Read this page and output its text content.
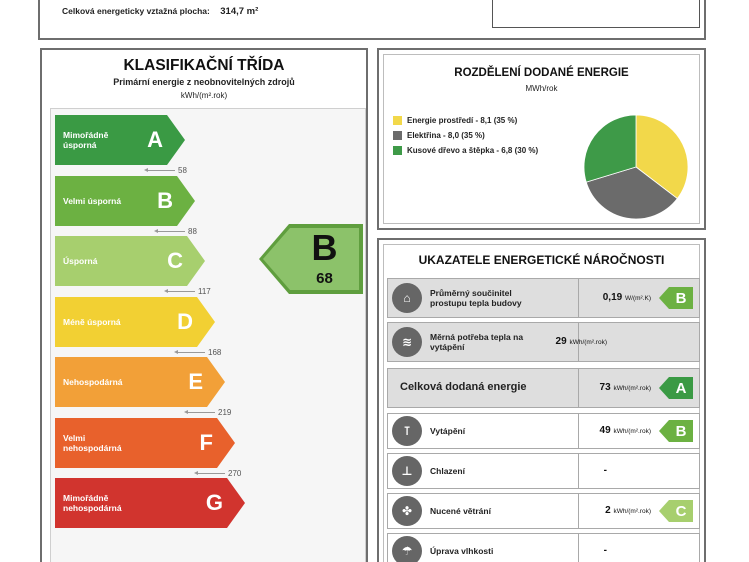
Celková energeticky vztažná plocha: 314,7 m²
KLASIFIKAČNÍ TŘÍDA
Primární energie z neobnovitelných zdrojů
kWh/(m².rok)
B
68
Mimořádně úsporná	A
Velmi úsporná	B
Úsporná	C
Méně úsporná	D
Nehospodárná	E
Velmi nehospodárná	F
Mimořádně nehospodárná	G
58
88
117
168
219
270
ROZDĚLENÍ DODANÉ ENERGIE
MWh/rok
Energie prostředí - 8,1 (35 %)
Elektřina - 8,0 (35 %)
Kusové dřevo a štěpka - 6,8 (30 %)
UKAZATELE ENERGETICKÉ NÁROČNOSTI
⌂	Průměrný součinitel prostupu tepla budovy	0,19 W/(m².K)	B
≋	Měrná potřeba tepla na vytápění	29 kWh/(m².rok)
Celková dodaná energie	73 kWh/(m².rok)	A
⊺	Vytápění	49 kWh/(m².rok)	B
⊥	Chlazení	-
✤	Nucené větrání	2 kWh/(m².rok)	C
☂	Úprava vlhkosti	-
